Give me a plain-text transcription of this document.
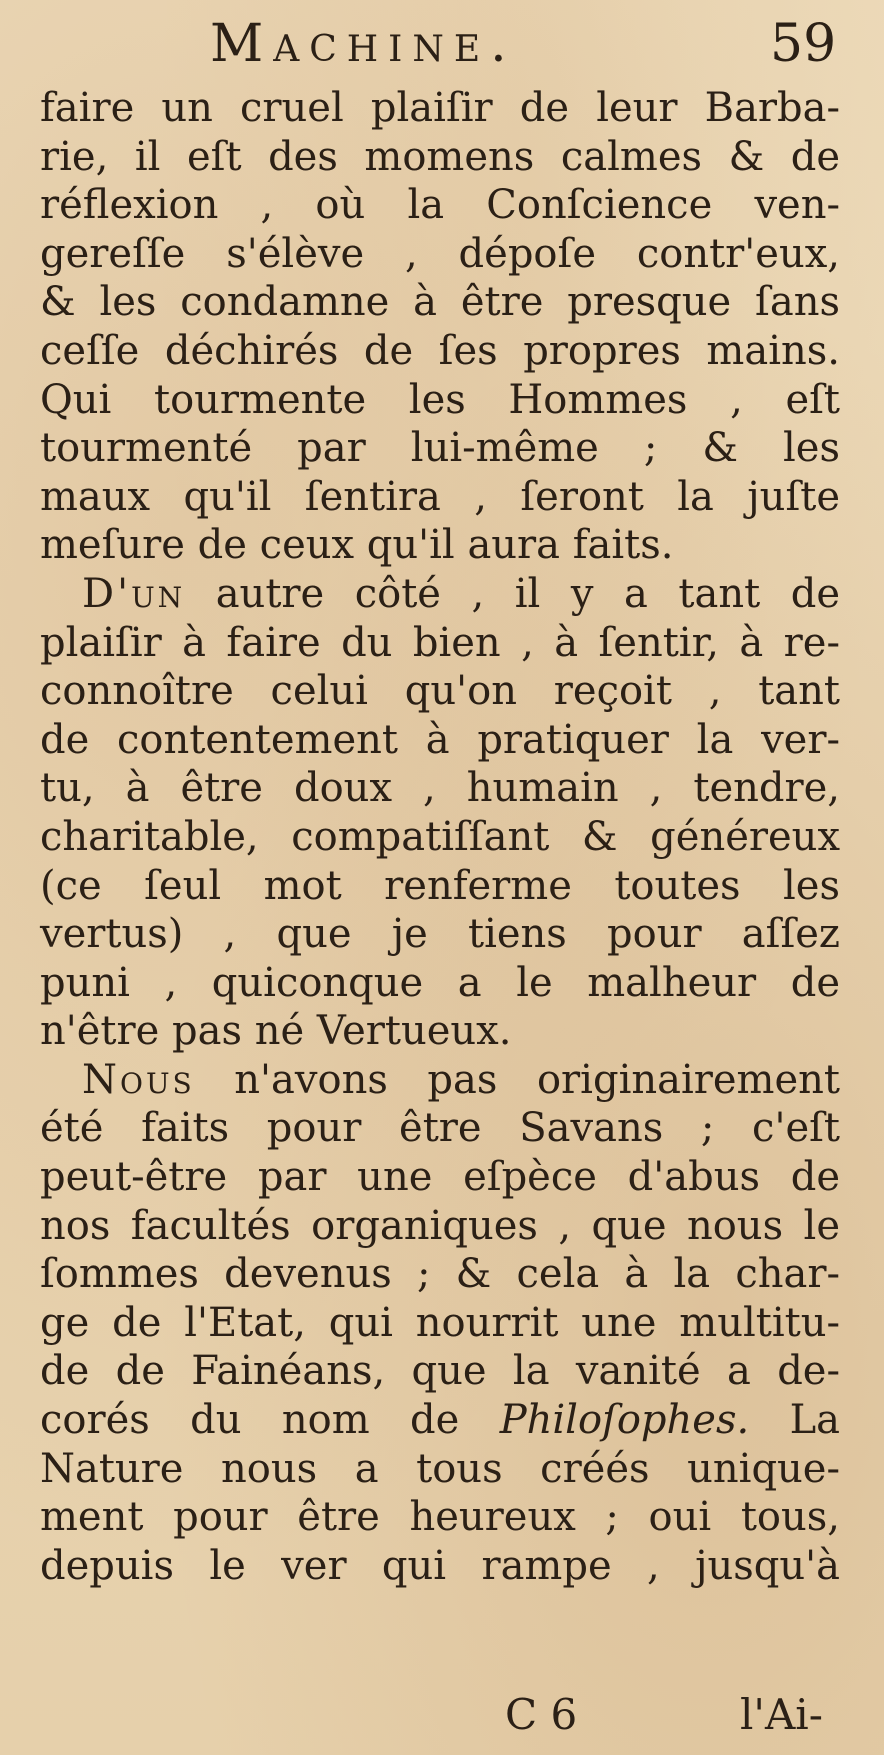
Machine.	59
faire un cruel plaiſir de leur Barba-
rie, il eſt des momens calmes & de
réflexion , où la Conſcience ven-
gereſſe s'élève , dépoſe contr'eux,
& les condamne à être presque ſans
ceſſe déchirés de ſes propres mains.
Qui tourmente les Hommes , eſt
tourmenté par lui-même ; & les
maux qu'il ſentira , ſeront la juſte
meſure de ceux qu'il aura faits.
D'un autre côté , il y a tant de
plaiſir à faire du bien , à ſentir, à re-
connoître celui qu'on reçoit , tant
de contentement à pratiquer la ver-
tu, à être doux , humain , tendre,
charitable, compatiſſant & généreux
(ce ſeul mot renferme toutes les
vertus) , que je tiens pour aſſez
puni , quiconque a le malheur de
n'être pas né Vertueux.
Nous n'avons pas originairement
été faits pour être Savans ; c'eſt
peut-être par une eſpèce d'abus de
nos facultés organiques , que nous le
ſommes devenus ; & cela à la char-
ge de l'Etat, qui nourrit une multitu-
de de Fainéans, que la vanité a de-
corés du nom de Philoſophes. La
Nature nous a tous créés unique-
ment pour être heureux ; oui tous,
depuis le ver qui rampe , jusqu'à
C 6	l'Ai-
